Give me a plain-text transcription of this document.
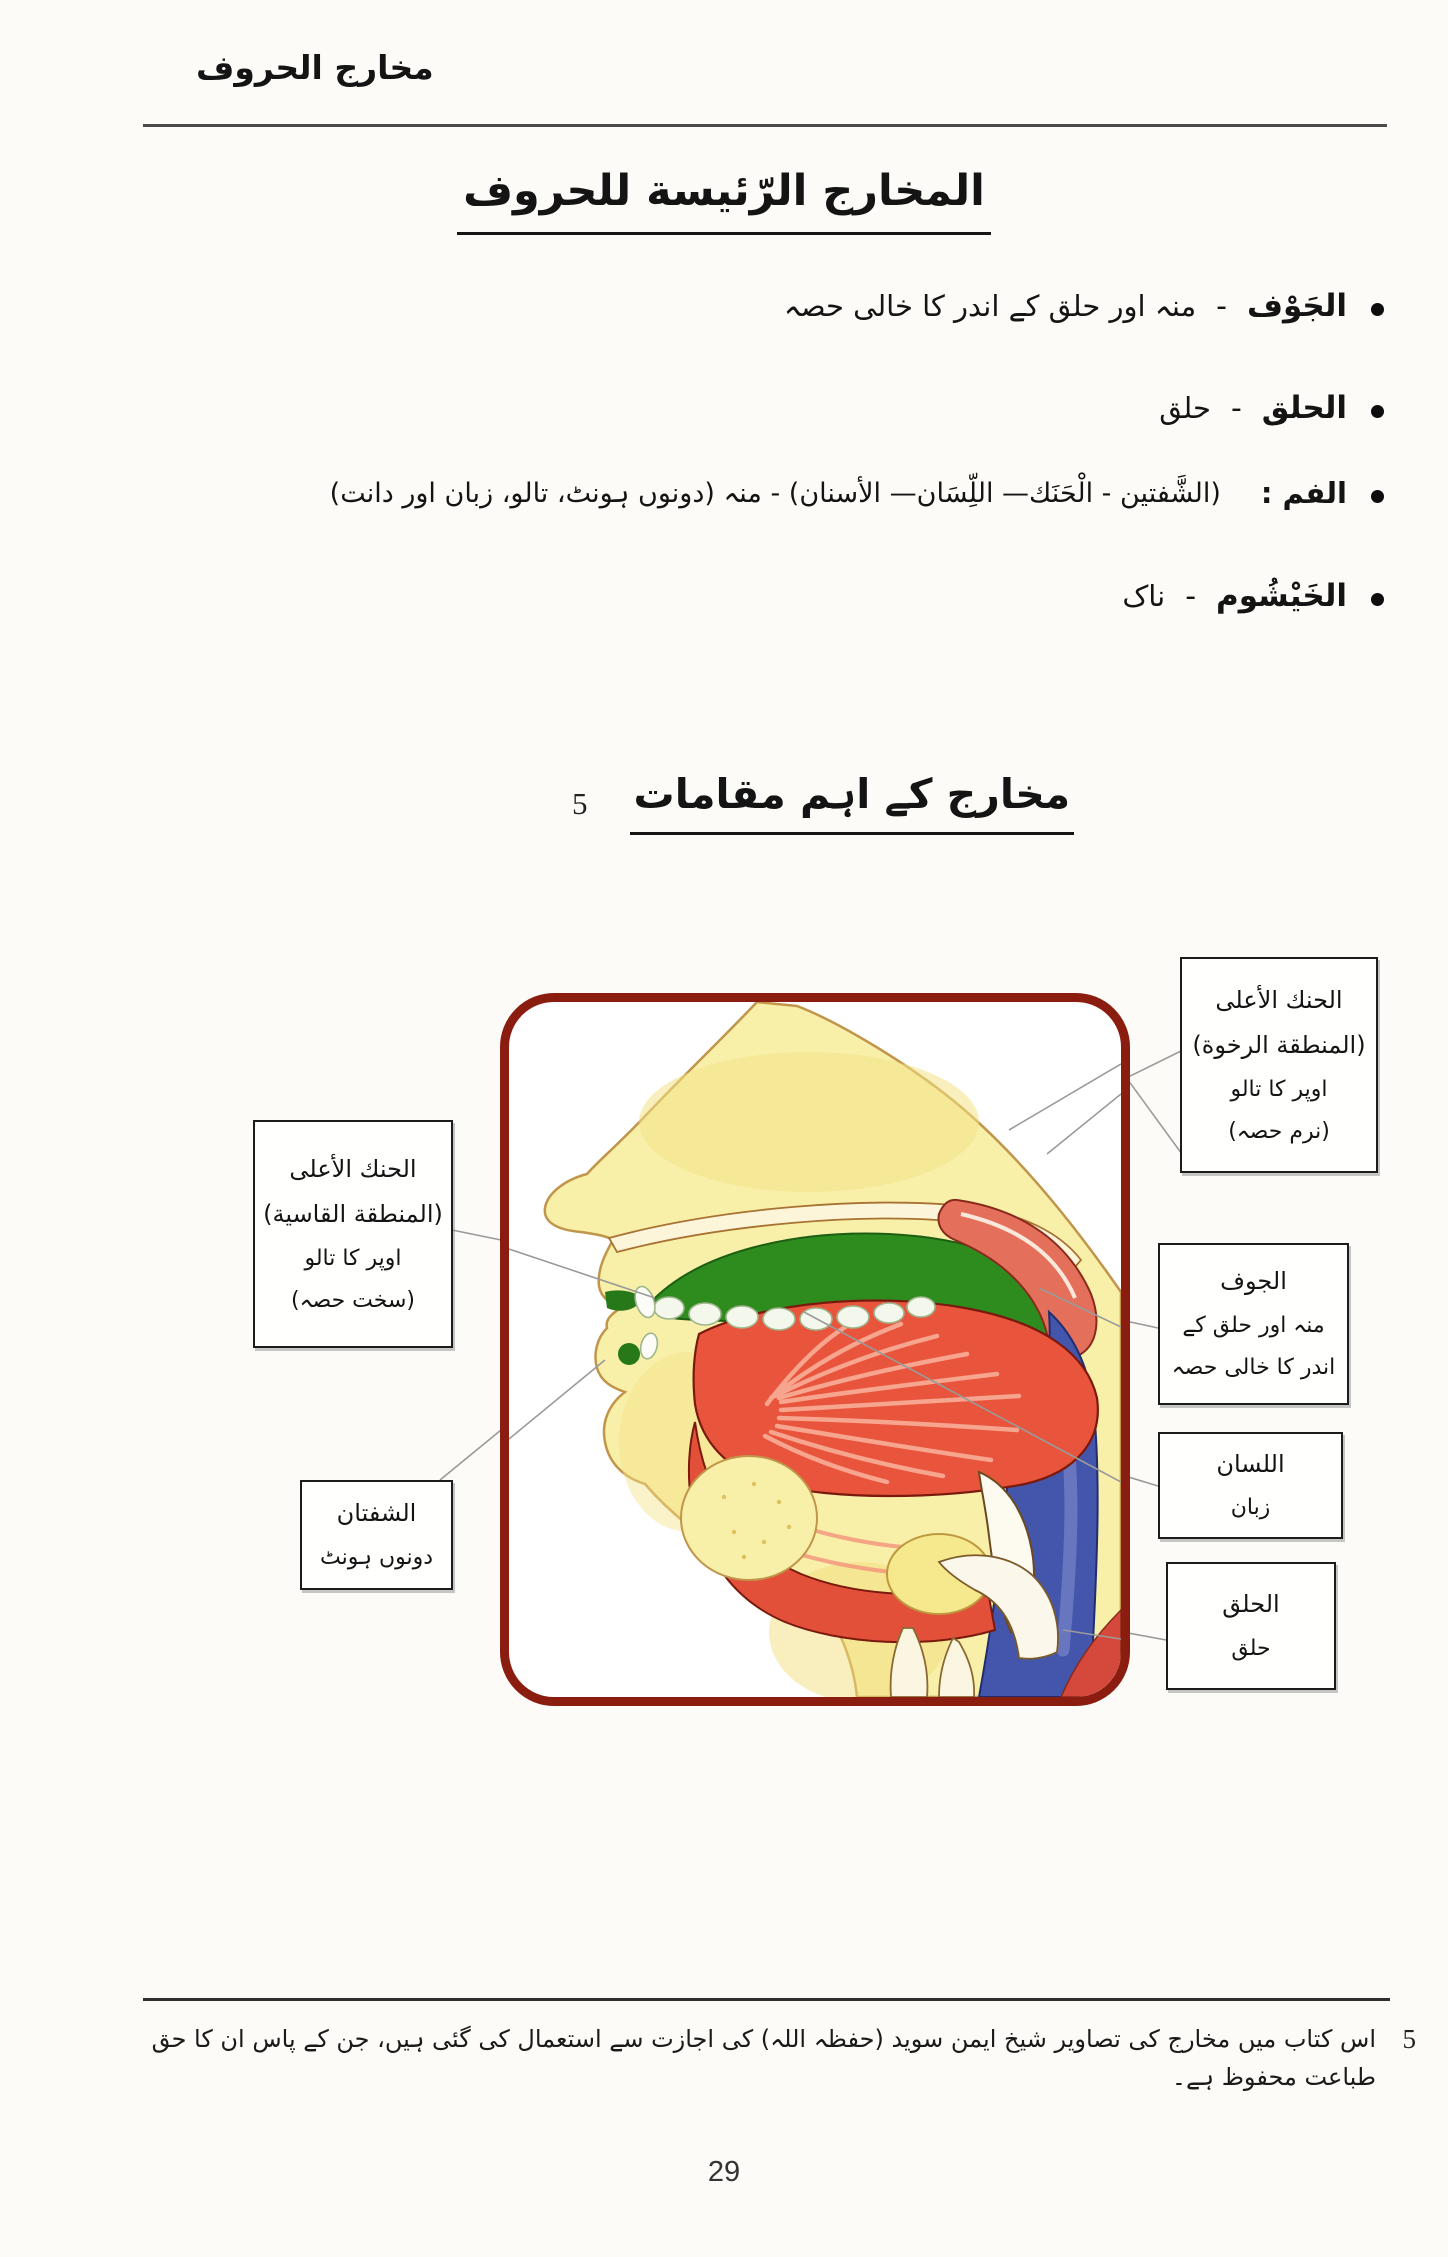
مخارج الحروف
المخارج الرّئيسة للحروف
الجَوْف
-
منہ اور حلق کے اندر کا خالی حصہ
الحلق
-
حلق
الفم :
(الشَّفتين - الْحَنَك— اللِّسَان— الأسنان) - منہ (دونوں ہونٹ، تالو، زبان اور دانت)
الخَيْشُوم
-
ناک
5 مخارج کے اہم مقامات
الحنك الأعلى
(المنطقة الرخوة)
اوپر کا تالو
(نرم حصہ)
الحنك الأعلى
(المنطقة القاسية)
اوپر کا تالو
(سخت حصہ)
الجوف
منہ اور حلق کے
اندر کا خالی حصہ
اللسان
زبان
الحلق
حلق
الشفتان
دونوں ہونٹ
5
اس کتاب میں مخارج کی تصاویر شیخ ایمن سوید (حفظہ اللہ) کی اجازت سے استعمال کی گئی ہیں، جن کے پاس ان کا حق طباعت محفوظ ہے۔
29
